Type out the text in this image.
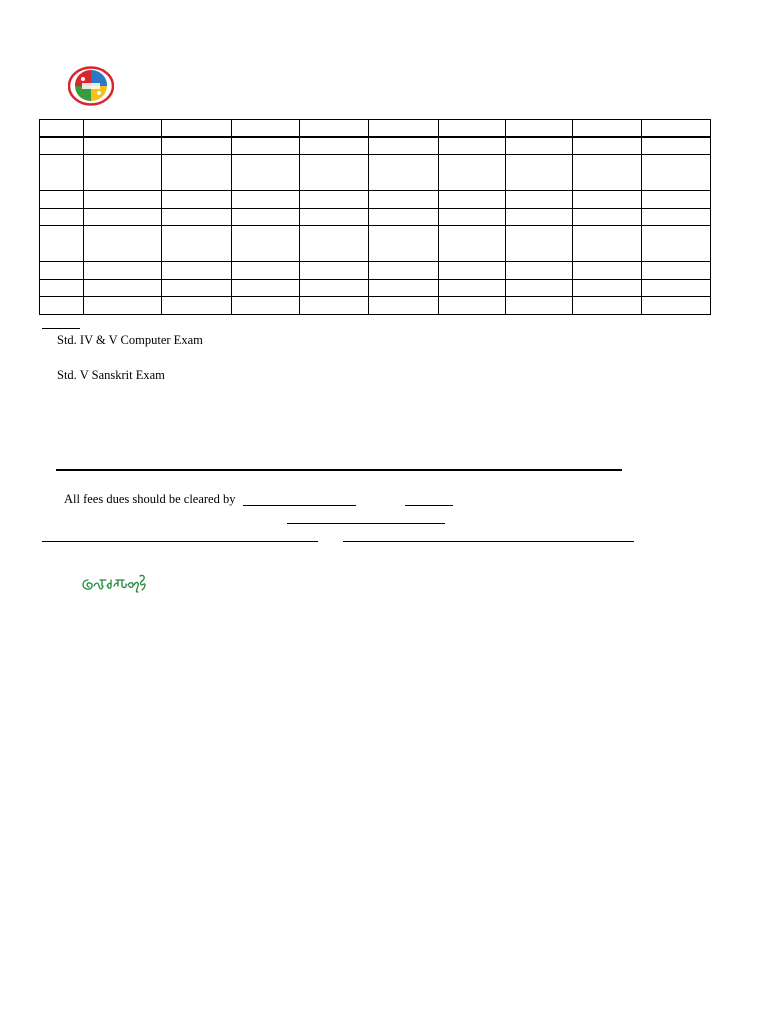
Std. IV & V Computer Exam
Std. V Sanskrit Exam
All fees dues should be cleared by
